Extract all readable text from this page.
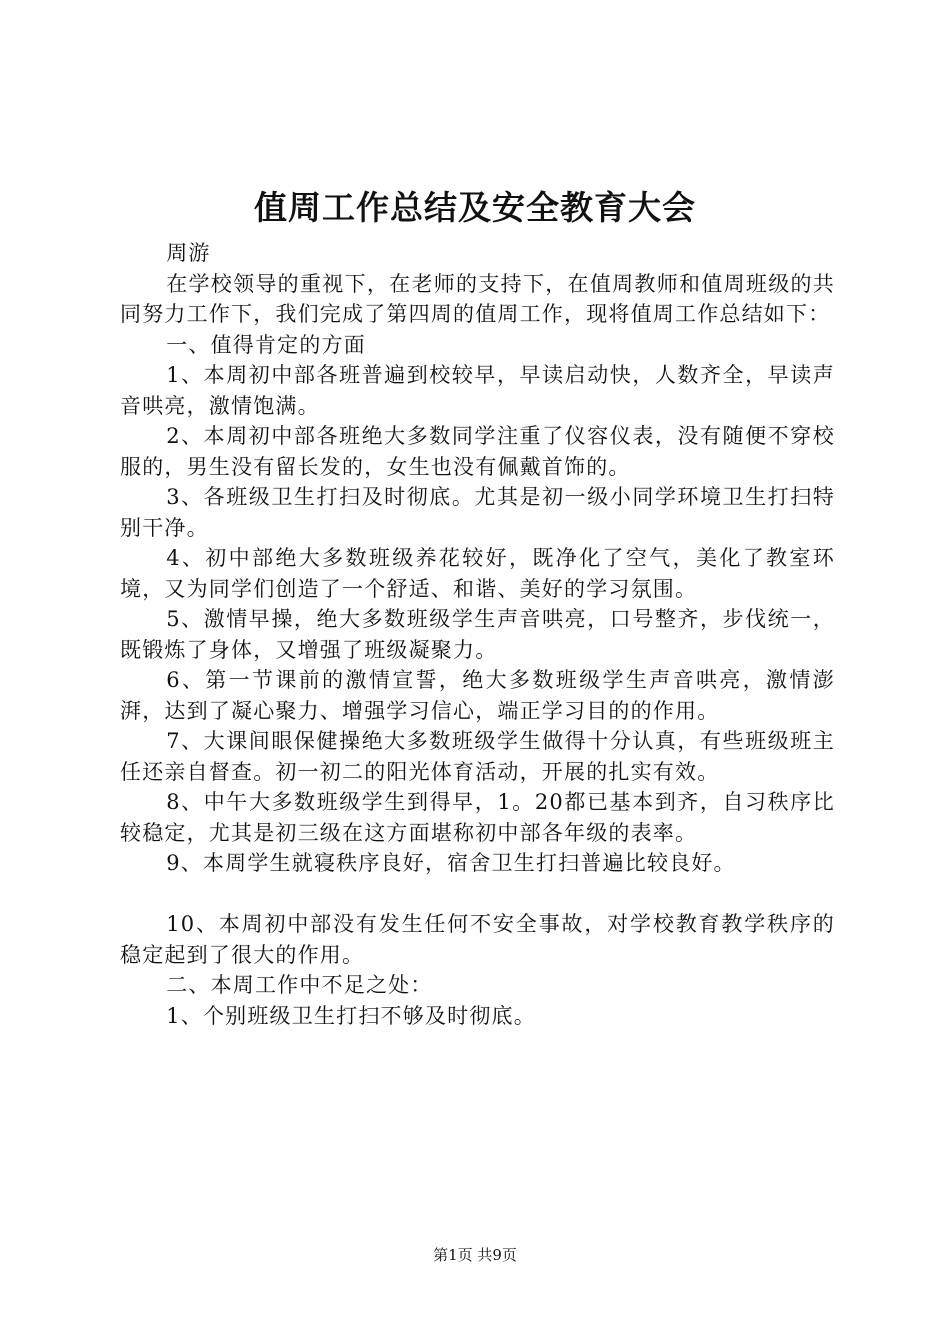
值周工作总结及安全教育大会

周游

在学校领导的重视下，在老师的支持下，在值周教师和值周班级的共同努力工作下，我们完成了第四周的值周工作，现将值周工作总结如下：

一、值得肯定的方面

1、本周初中部各班普遍到校较早，早读启动快，人数齐全，早读声音哄亮，激情饱满。

2、本周初中部各班绝大多数同学注重了仪容仪表，没有随便不穿校服的，男生没有留长发的，女生也没有佩戴首饰的。

3、各班级卫生打扫及时彻底。尤其是初一级小同学环境卫生打扫特别干净。

4、初中部绝大多数班级养花较好，既净化了空气，美化了教室环境，又为同学们创造了一个舒适、和谐、美好的学习氛围。

5、激情早操，绝大多数班级学生声音哄亮，口号整齐，步伐统一，既锻炼了身体，又增强了班级凝聚力。

6、第一节课前的激情宣誓，绝大多数班级学生声音哄亮，激情澎湃，达到了凝心聚力、增强学习信心，端正学习目的的作用。

7、大课间眼保健操绝大多数班级学生做得十分认真，有些班级班主任还亲自督查。初一初二的阳光体育活动，开展的扎实有效。

8、中午大多数班级学生到得早，1。20都已基本到齐，自习秩序比较稳定，尤其是初三级在这方面堪称初中部各年级的表率。

9、本周学生就寝秩序良好，宿舍卫生打扫普遍比较良好。

10、本周初中部没有发生任何不安全事故，对学校教育教学秩序的稳定起到了很大的作用。

二、本周工作中不足之处：

1、个别班级卫生打扫不够及时彻底。

第1页 共9页
